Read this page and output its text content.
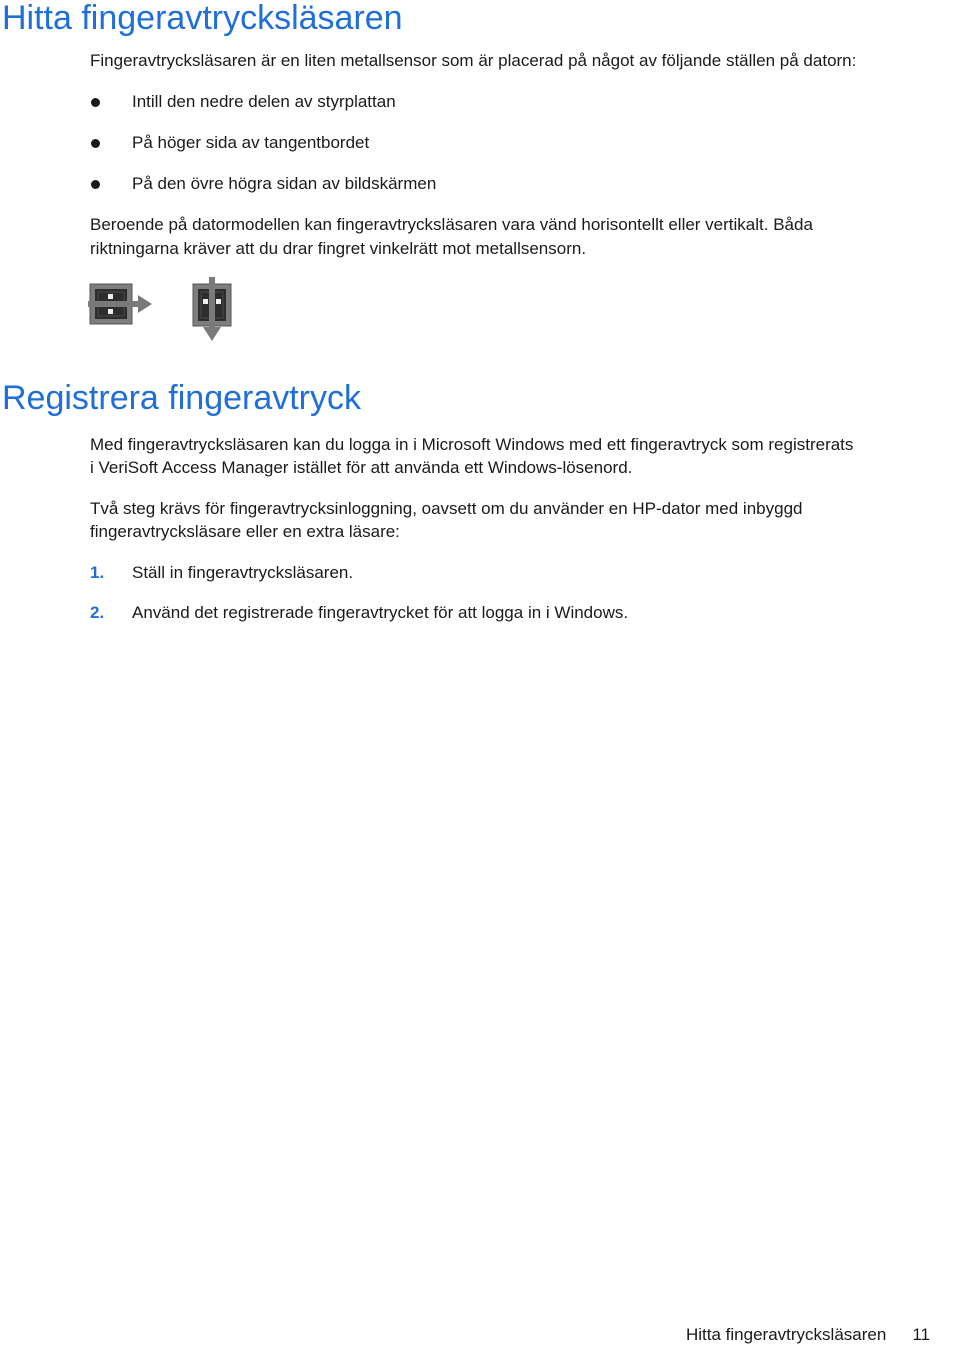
Hitta fingeravtrycksläsaren

Fingeravtrycksläsaren är en liten metallsensor som är placerad på något av följande ställen på datorn:

Intill den nedre delen av styrplattan
På höger sida av tangentbordet
På den övre högra sidan av bildskärmen

Beroende på datormodellen kan fingeravtrycksläsaren vara vänd horisontellt eller vertikalt. Båda

riktningarna kräver att du drar fingret vinkelrätt mot metallsensorn.

Registrera fingeravtryck

Med fingeravtrycksläsaren kan du logga in i Microsoft Windows med ett fingeravtryck som registrerats

i VeriSoft Access Manager istället för att använda ett Windows-lösenord.

Två steg krävs för fingeravtrycksinloggning, oavsett om du använder en HP-dator med inbyggd

fingeravtrycksläsare eller en extra läsare:

1. Ställ in fingeravtrycksläsaren.
2. Använd det registrerade fingeravtrycket för att logga in i Windows.
Hitta fingeravtrycksläsaren 11
